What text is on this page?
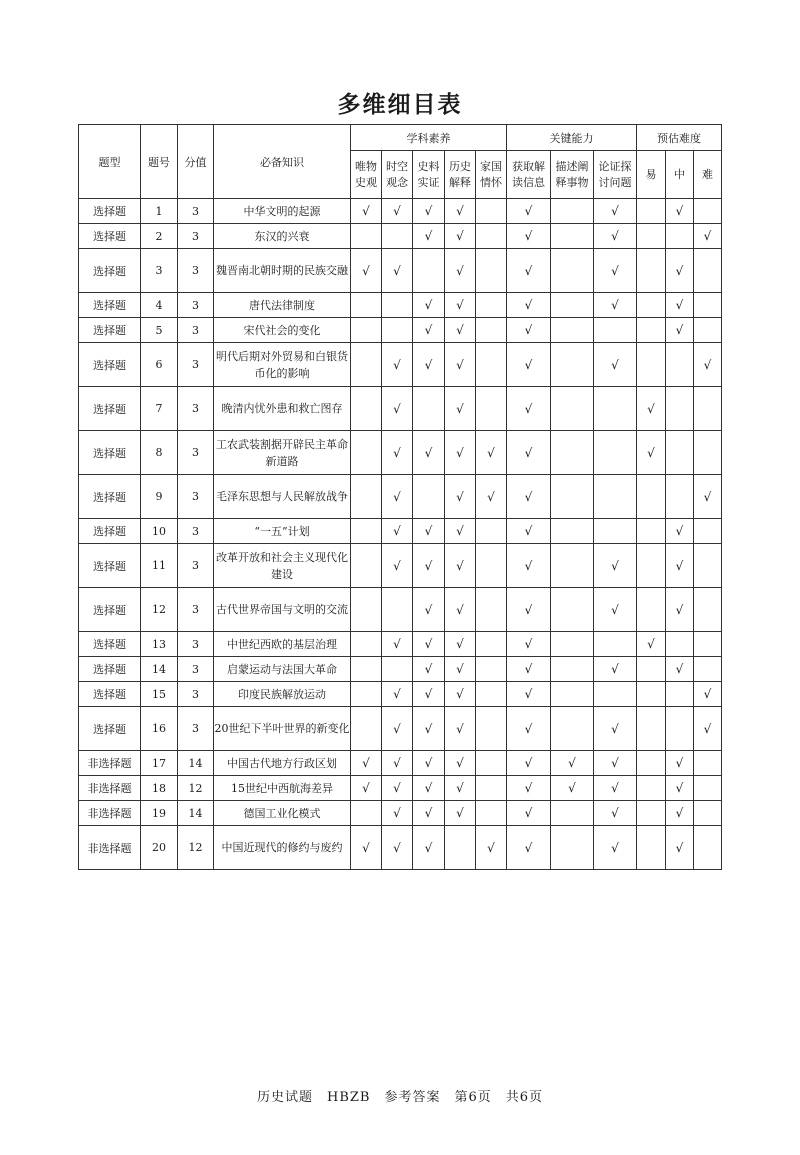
多维细目表
题型	题号	分值	必备知识	学科素养					关键能力			预估难度		

				唯物史观	时空观念	史料实证	历史解释	家国情怀	获取解读信息	描述阐释事物	论证探讨问题	易	中	难
选择题	1	3	中华文明的起源	√	√	√	√		√		√		√	
选择题	2	3	东汉的兴衰			√	√		√		√			√
选择题	3	3	魏晋南北朝时期的民族交融	√	√		√		√		√		√	
选择题	4	3	唐代法律制度			√	√		√		√		√	
选择题	5	3	宋代社会的变化			√	√		√				√	
选择题	6	3	明代后期对外贸易和白银货币化的影响		√	√	√		√		√			√
选择题	7	3	晚清内忧外患和救亡图存		√		√		√			√		
选择题	8	3	工农武装割据开辟民主革命新道路		√	√	√	√	√			√		
选择题	9	3	毛泽东思想与人民解放战争		√		√	√	√					√
选择题	10	3	“一五”计划		√	√	√		√				√	
选择题	11	3	改革开放和社会主义现代化建设		√	√	√		√		√		√	
选择题	12	3	古代世界帝国与文明的交流			√	√		√		√		√	
选择题	13	3	中世纪西欧的基层治理		√	√	√		√			√		
选择题	14	3	启蒙运动与法国大革命			√	√		√		√		√	
选择题	15	3	印度民族解放运动		√	√	√		√					√
选择题	16	3	20世纪下半叶世界的新变化		√	√	√		√		√			√
非选择题	17	14	中国古代地方行政区划	√	√	√	√		√	√	√		√	
非选择题	18	12	15世纪中西航海差异	√	√	√	√		√	√	√		√	
非选择题	19	14	德国工业化模式		√	√	√		√		√		√	
非选择题	20	12	中国近现代的修约与废约	√	√	√		√	√		√		√	
历史试题　HBZB　参考答案　第6页　共6页
